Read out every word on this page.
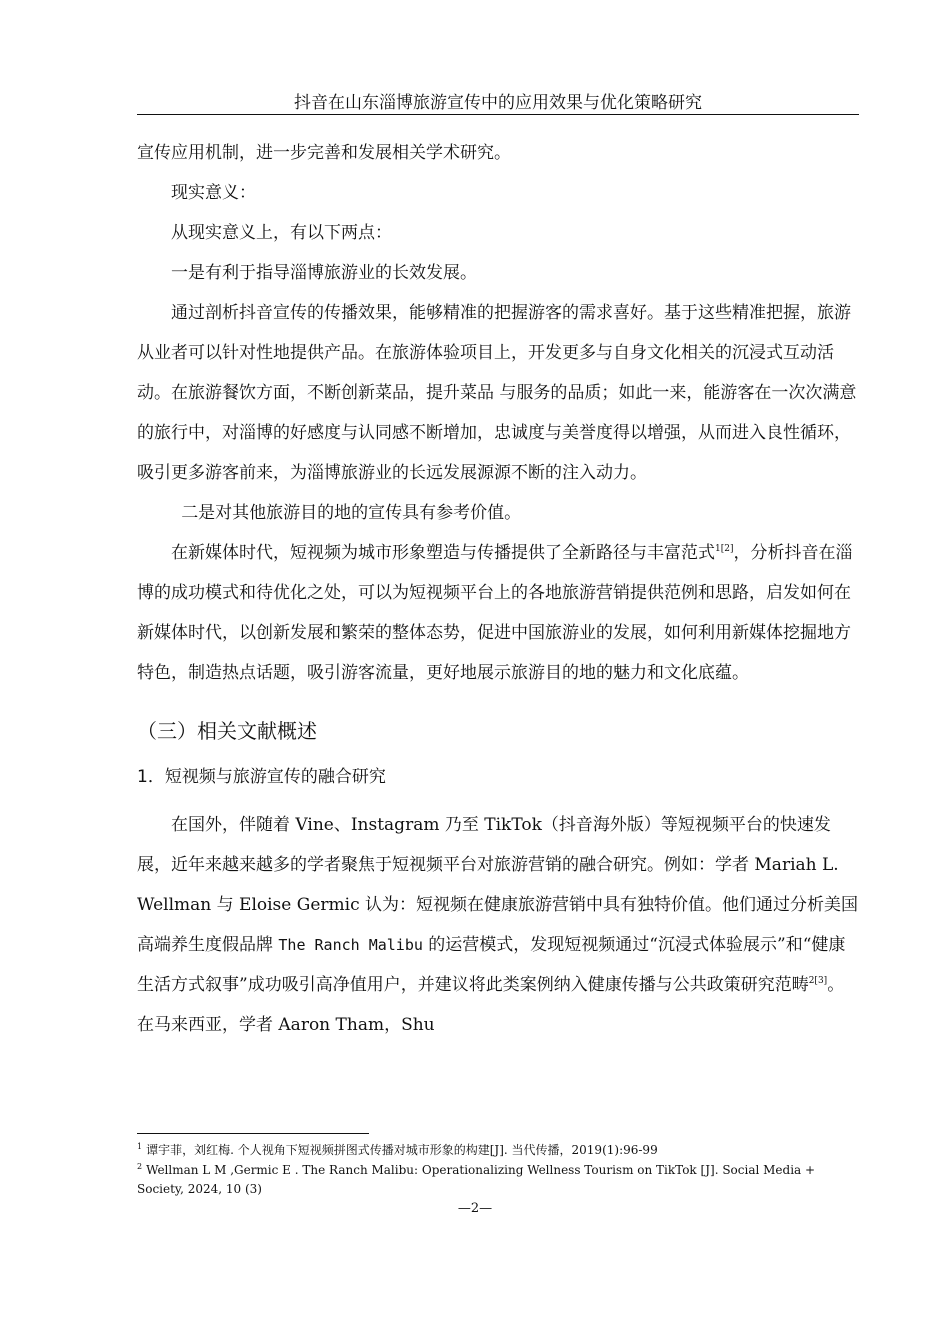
抖音在山东淄博旅游宣传中的应用效果与优化策略研究

宣传应用机制，进一步完善和发展相关学术研究。

现实意义：

从现实意义上，有以下两点：

一是有利于指导淄博旅游业的长效发展。

通过剖析抖音宣传的传播效果，能够精准的把握游客的需求喜好。基于这些精准把握，旅游从业者可以针对性地提供产品。在旅游体验项目上，开发更多与自身文化相关的沉浸式互动活动。在旅游餐饮方面，不断创新菜品，提升菜品 与服务的品质；如此一来，能游客在一次次满意的旅行中，对淄博的好感度与认同感不断增加，忠诚度与美誉度得以增强，从而进入良性循环，吸引更多游客前来，为淄博旅游业的长远发展源源不断的注入动力。

二是对其他旅游目的地的宣传具有参考价值。

在新媒体时代，短视频为城市形象塑造与传播提供了全新路径与丰富范式$^{1[2]}$，分析抖音在淄博的成功模式和待优化之处，可以为短视频平台上的各地旅游营销提供范例和思路，启发如何在新媒体时代，以创新发展和繁荣的整体态势，促进中国旅游业的发展，如何利用新媒体挖掘地方特色，制造热点话题，吸引游客流量，更好地展示旅游目的地的魅力和文化底蕴。

（三）相关文献概述

1．短视频与旅游宣传的融合研究

在国外，伴随着 Vine、Instagram 乃至 TikTok（抖音海外版）等短视频平台的快速发展，近年来越来越多的学者聚焦于短视频平台对旅游营销的融合研究。例如：学者 Mariah L. Wellman 与 Eloise Germic 认为：短视频在健康旅游营销中具有独特价值。他们通过分析美国高端养生度假品牌 The Ranch Malibu 的运营模式，发现短视频通过“沉浸式体验展示”和“健康生活方式叙事”成功吸引高净值用户，并建议将此类案例纳入健康传播与公共政策研究范畴$^{2[3]}$。在马来西亚，学者 Aaron Tham，Shu

$^1$ 谭宇菲，刘红梅. 个人视角下短视频拼图式传播对城市形象的构建[J]. 当代传播，2019(1):96-99

$^2$ Wellman L M ,Germic E . The Ranch Malibu: Operationalizing Wellness Tourism on TikTok [J]. Social Media + Society, 2024, 10 (3)

—2—
